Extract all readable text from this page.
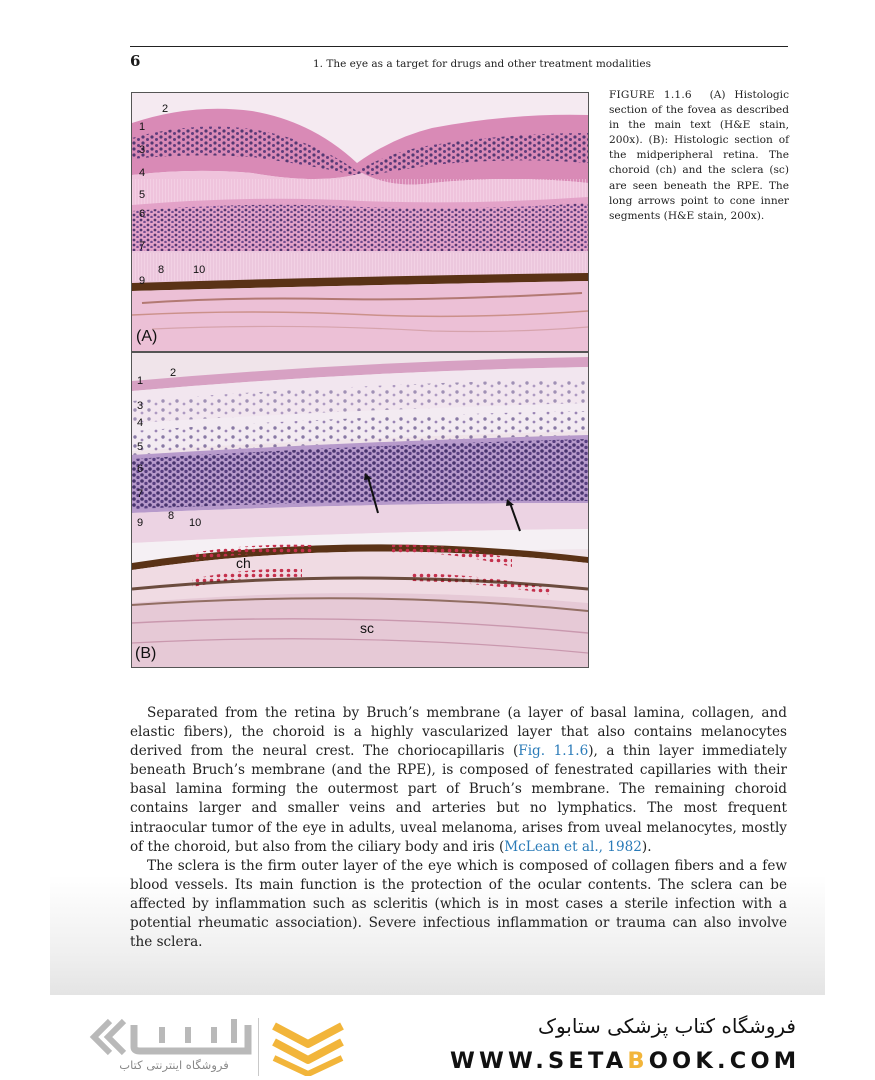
6	1. The eye as a target for drugs and other treatment modalities
1
2
3
4
5
6
7
8
9
10
(A)
1
2
3
4
5
6
7
8
9	10
ch
sc
(B)
FIGURE 1.1.6 (A) Histologic section of the fovea as described in the main text (H&E stain, 200x). (B): Histologic section of the midperipheral retina. The choroid (ch) and the sclera (sc) are seen beneath the RPE. The long arrows point to cone inner segments (H&E stain, 200x).

Separated from the retina by Bruch’s membrane (a layer of basal lamina, collagen, and elastic fibers), the choroid is a highly vascularized layer that also contains melanocytes derived from the neural crest. The choriocapillaris (Fig. 1.1.6), a thin layer immediately beneath Bruch’s membrane (and the RPE), is composed of fenestrated capillaries with their basal lamina forming the outermost part of Bruch’s membrane. The remaining choroid contains larger and smaller veins and arteries but no lymphatics. The most frequent intraocular tumor of the eye in adults, uveal melanoma, arises from uveal melanocytes, mostly of the choroid, but also from the ciliary body and iris (McLean et al., 1982).

The sclera is the firm outer layer of the eye which is composed of collagen fibers and a few blood vessels. Its main function is the protection of the ocular contents. The sclera can be affected by inflammation such as scleritis (which is in most cases a sterile infection with a potential rheumatic association). Severe infectious inflammation or trauma can also involve the sclera.

فروشگاه اینترنتی کتاب
فروشگاه کتاب پزشکی ستابوک
WWW.SETABOOK.COM
